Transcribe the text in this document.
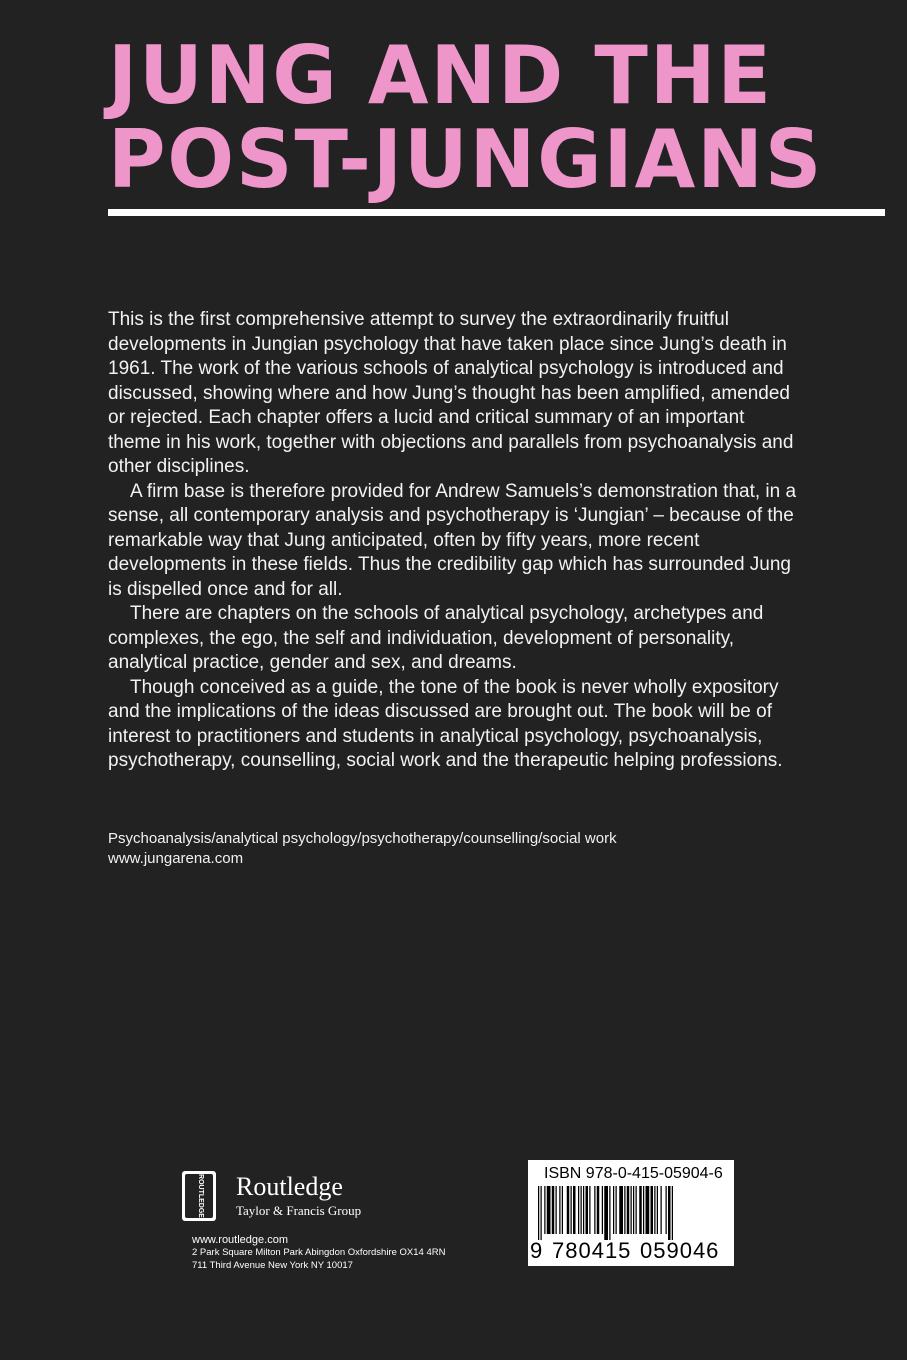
JUNG AND THE
POST-JUNGIANS

This is the first comprehensive attempt to survey the extraordinarily fruitful developments in Jungian psychology that have taken place since Jung’s death in 1961. The work of the various schools of analytical psychology is introduced and discussed, showing where and how Jung’s thought has been amplified, amended or rejected. Each chapter offers a lucid and critical summary of an important theme in his work, together with objections and parallels from psychoanalysis and other disciplines.

A firm base is therefore provided for Andrew Samuels’s demonstration that, in a sense, all contemporary analysis and psychotherapy is ‘Jungian’ – because of the remarkable way that Jung anticipated, often by fifty years, more recent developments in these fields. Thus the credibility gap which has surrounded Jung is dispelled once and for all.

There are chapters on the schools of analytical psychology, archetypes and complexes, the ego, the self and individuation, development of personality, analytical practice, gender and sex, and dreams.

Though conceived as a guide, the tone of the book is never wholly expository and the implications of the ideas discussed are brought out. The book will be of interest to practitioners and students in analytical psychology, psychoanalysis, psychotherapy, counselling, social work and the therapeutic helping professions.

Psychoanalysis/analytical psychology/psychotherapy/counselling/social work
www.jungarena.com
ROUTLEDGE Routledge
Taylor & Francis Group
www.routledge.com
2 Park Square Milton Park Abingdon Oxfordshire OX14 4RN
711 Third Avenue New York NY 10017
ISBN 978-0-415-05904-6
9 780415 059046
